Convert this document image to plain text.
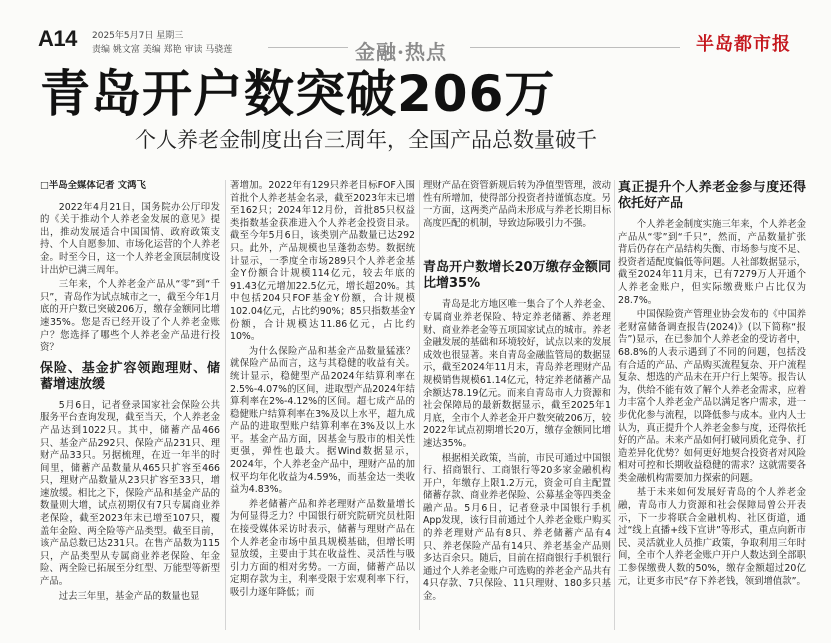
A14 2025年5月7日 星期三
责编 姚文富 美编 郑艳 审读 马骁莲	金融·热点	半岛都市报
青岛开户数突破206万
个人养老金制度出台三周年，全国产品总数量破千
□半岛全媒体记者 文鸿飞

2022年4月21日，国务院办公厅印发的《关于推动个人养老金发展的意见》提出，推动发展适合中国国情、政府政策支持、个人自愿参加、市场化运营的个人养老金。时至今日，这一个人养老金顶层制度设计出炉已满三周年。

三年来，个人养老金产品从“零”到“千只”，青岛作为试点城市之一，截至今年1月底的开户数已突破206万，缴存金额同比增速35%。您是否已经开设了个人养老金账户？您选择了哪些个人养老金产品进行投资？

保险、基金扩容领跑理财、储蓄增速放缓

5月6日，记者登录国家社会保险公共服务平台查询发现，截至当天，个人养老金产品达到1022只。其中，储蓄产品466只、基金产品292只、保险产品231只、理财产品33只。另据梳理，在近一年半的时间里，储蓄产品数量从465只扩容至466只，理财产品数量从23只扩容至33只，增速放缓。相比之下，保险产品和基金产品的数量则大增，试点初期仅有7只专属商业养老保险，截至2023年末已增至107只，覆盖年金险、两全险等产品类型。截至目前，该产品总数已达231只。在售产品数为115只，产品类型从专属商业养老保险、年金险、两全险已拓展至分红型、万能型等新型产品。

过去三年里，基金产品的数量也显

著增加。2022年有129只养老目标FOF入围首批个人养老基金名录，截至2023年末已增至162只；2024年12月份，首批85只权益类指数基金获准进入个人养老金投资目录。截至今年5月6日，该类别产品数量已达292只。此外，产品规模也呈蓬勃态势。数据统计显示，一季度全市场289只个人养老金基金Y份额合计规模114亿元，较去年底的91.43亿元增加22.5亿元，增长超20%。其中包括204只FOF基金Y份额，合计规模102.04亿元，占比约90%；85只指数基金Y份额，合计规模达11.86亿元，占比约10%。

为什么保险产品和基金产品数量猛涨？就保险产品而言，这与其稳健的收益有关。统计显示，稳健型产品2024年结算利率在2.5%-4.07%的区间，进取型产品2024年结算利率在2%-4.12%的区间。超七成产品的稳健账户结算利率在3%及以上水平，超九成产品的进取型账户结算利率在3%及以上水平。基金产品方面，因基金与股市的相关性更强，弹性也最大。据Wind数据显示，2024年，个人养老金产品中，理财产品的加权平均年化收益为4.59%，而基金达一类收益为4.83%。

养老储蓄产品和养老理财产品数量增长为何显得乏力？中国银行研究院研究员杜阳在接受媒体采访时表示，储蓄与理财产品在个人养老金市场中虽具规模基础，但增长明显放缓，主要由于其在收益性、灵活性与吸引力方面的相对劣势。一方面，储蓄产品以定期存款为主，利率受限于宏观利率下行，吸引力逐年降低；而

理财产品在资管新规后转为净值型管理，波动性有所增加，使得部分投资者持谨慎态度。另一方面，这两类产品尚未形成与养老长期目标高度匹配的机制，导致边际吸引力不强。

青岛开户数增长20万缴存金额同比增35%

青岛是北方地区唯一集合了个人养老金、专属商业养老保险、特定养老储蓄、养老理财、商业养老金等五项国家试点的城市。养老金融发展的基础和环境较好，试点以来的发展成效也很显著。来自青岛金融监管局的数据显示，截至2024年11月末，青岛养老理财产品规模销售规模61.14亿元，特定养老储蓄产品余额达78.19亿元。而来自青岛市人力资源和社会保障局的最新数据显示，截至2025年1月底，全市个人养老金开户数突破206万，较2022年试点初期增长20万，缴存金额同比增速达35%。

根据相关政策，当前，市民可通过中国银行、招商银行、工商银行等20多家金融机构开户，年缴存上限1.2万元，资金可自主配置储蓄存款、商业养老保险、公募基金等四类金融产品。5月6日，记者登录中国银行手机App发现，该行目前通过个人养老金账户购买的养老理财产品有8只、养老储蓄产品有4只、养老保险产品有14只、养老基金产品则多达百余只。随后，目前在招商银行手机银行通过个人养老金账户可选购的养老金产品共有4只存款、7只保险、11只理财、180多只基金。

真正提升个人养老金参与度还得依托好产品

个人养老金制度实施三年来，个人养老金产品从“零”到“千只”，然而，产品数量扩张背后仍存在产品结构失衡、市场参与度不足、投资者适配度偏低等问题。人社部数据显示，截至2024年11月末，已有7279万人开通个人养老金账户，但实际缴费账户占比仅为28.7%。

中国保险资产管理业协会发布的《中国养老财富储备调查报告(2024)》(以下简称“报告”)显示，在已参加个人养老金的受访者中，68.8%的人表示遇到了不同的问题，包括没有合适的产品、产品购买流程复杂、开户流程复杂、想选的产品未在开户行上架等。报告认为，供给不能有效了解个人养老金需求，应着力丰富个人养老金产品以满足客户需求，进一步优化参与流程，以降低参与成本。业内人士认为，真正提升个人养老金参与度，还得依托好的产品。未来产品如何打破同质化竞争、打造差异化优势？如何更好地契合投资者对风险相对可控和长期收益稳健的需求？这就需要各类金融机构需要加力探索的问题。

基于未来如何发展好青岛的个人养老金融，青岛市人力资源和社会保障局曾公开表示，下一步将联合金融机构、社区街道，通过“线上直播+线下宣讲”等形式，重点向新市民、灵活就业人员推广政策，争取利用三年时间，全市个人养老金账户开户人数达到全部职工参保缴费人数的50%，缴存金额超过20亿元，让更多市民“存下养老钱，领到增值款”。
